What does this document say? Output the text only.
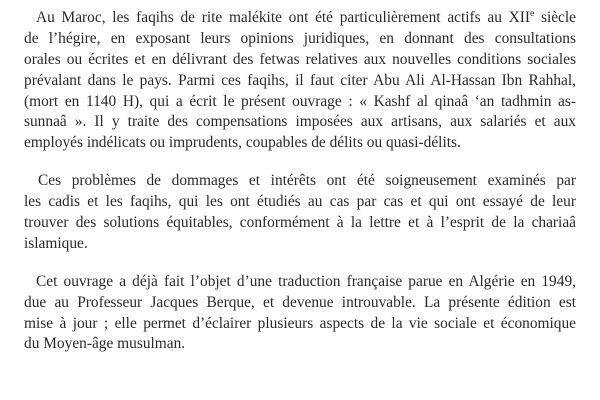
Au Maroc, les faqihs de rite malékite ont été particulièrement actifs au XIIe siècle
de l’hégire, en exposant leurs opinions juridiques, en donnant des consultations
orales ou écrites et en délivrant des fetwas relatives aux nouvelles conditions sociales
prévalant dans le pays. Parmi ces faqihs, il faut citer Abu Ali Al-Hassan Ibn Rahhal,
(mort en 1140 H), qui a écrit le présent ouvrage : « Kashf al qinaâ ‘an tadhmin as-
sunnaâ ». Il y traite des compensations imposées aux artisans, aux salariés et aux
employés indélicats ou imprudents, coupables de délits ou quasi-délits.
Ces problèmes de dommages et intérêts ont été soigneusement examinés par
les cadis et les faqihs, qui les ont étudiés au cas par cas et qui ont essayé de leur
trouver des solutions équitables, conformément à la lettre et à l’esprit de la chariaâ
islamique.
Cet ouvrage a déjà fait l’objet d’une traduction française parue en Algérie en 1949,
due au Professeur Jacques Berque, et devenue introuvable. La présente édition est
mise à jour ; elle permet d’éclairer plusieurs aspects de la vie sociale et économique
du Moyen-âge musulman.
